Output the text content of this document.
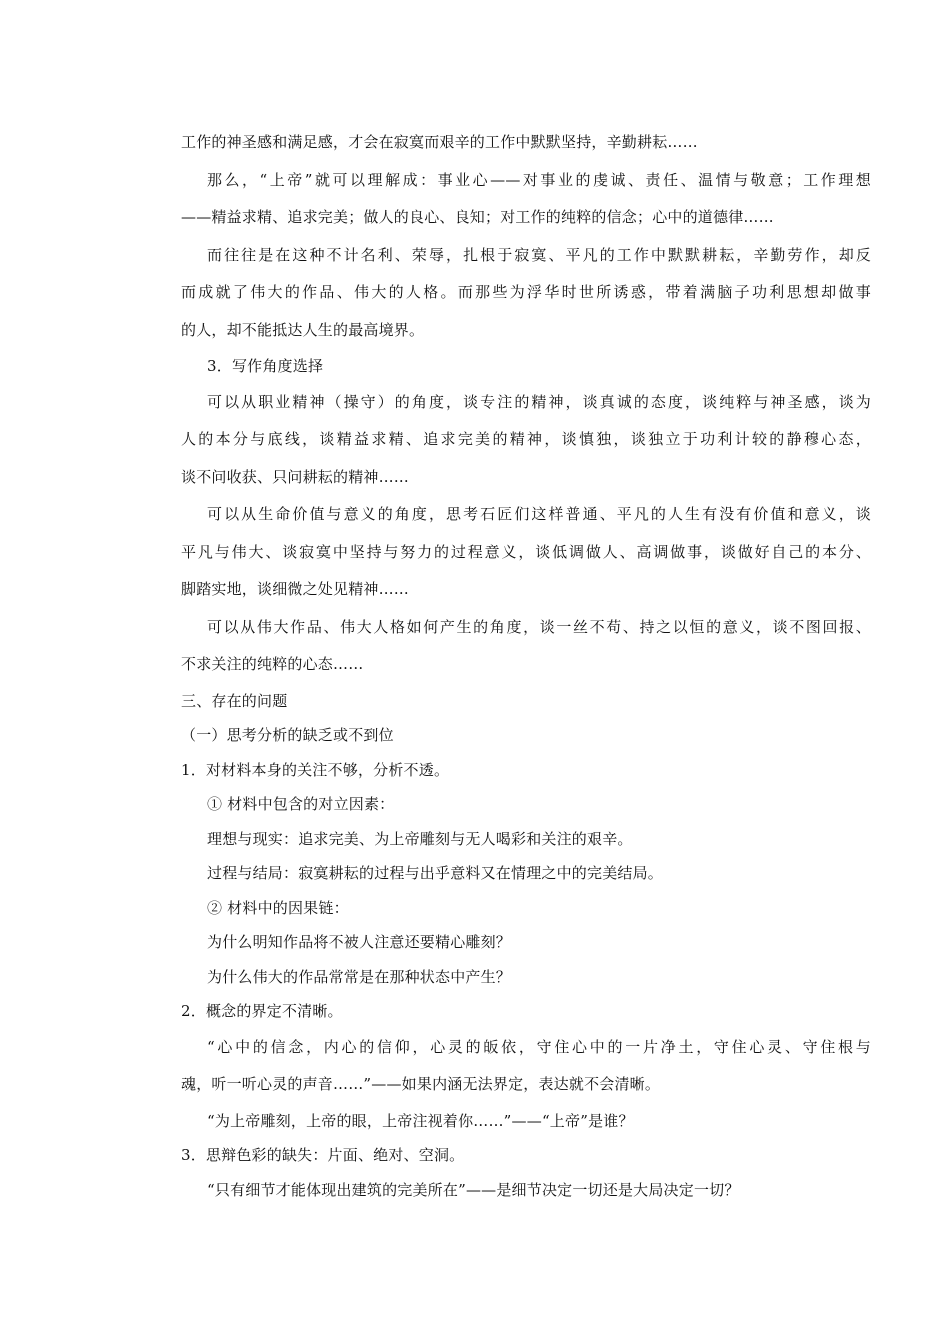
工作的神圣感和满足感，才会在寂寞而艰辛的工作中默默坚持，辛勤耕耘……
那么，“上帝”就可以理解成：事业心——对事业的虔诚、责任、温情与敬意；工作理想
——精益求精、追求完美；做人的良心、良知；对工作的纯粹的信念；心中的道德律……
而往往是在这种不计名利、荣辱，扎根于寂寞、平凡的工作中默默耕耘，辛勤劳作，却反
而成就了伟大的作品、伟大的人格。而那些为浮华时世所诱惑，带着满脑子功利思想却做事
的人，却不能抵达人生的最高境界。
3．写作角度选择
可以从职业精神（操守）的角度，谈专注的精神，谈真诚的态度，谈纯粹与神圣感，谈为
人的本分与底线，谈精益求精、追求完美的精神，谈慎独，谈独立于功利计较的静穆心态，
谈不问收获、只问耕耘的精神……
可以从生命价值与意义的角度，思考石匠们这样普通、平凡的人生有没有价值和意义，谈
平凡与伟大、谈寂寞中坚持与努力的过程意义，谈低调做人、高调做事，谈做好自己的本分、
脚踏实地，谈细微之处见精神……
可以从伟大作品、伟大人格如何产生的角度，谈一丝不苟、持之以恒的意义，谈不图回报、
不求关注的纯粹的心态……
三、存在的问题
（一）思考分析的缺乏或不到位
1．对材料本身的关注不够，分析不透。
① 材料中包含的对立因素：
理想与现实：追求完美、为上帝雕刻与无人喝彩和关注的艰辛。
过程与结局：寂寞耕耘的过程与出乎意料又在情理之中的完美结局。
② 材料中的因果链：
为什么明知作品将不被人注意还要精心雕刻？
为什么伟大的作品常常是在那种状态中产生？
2．概念的界定不清晰。
“心中的信念，内心的信仰，心灵的皈依，守住心中的一片净土，守住心灵、守住根与
魂，听一听心灵的声音……”——如果内涵无法界定，表达就不会清晰。
“为上帝雕刻，上帝的眼，上帝注视着你……”——“上帝”是谁？
3．思辩色彩的缺失：片面、绝对、空洞。
“只有细节才能体现出建筑的完美所在”——是细节决定一切还是大局决定一切？
